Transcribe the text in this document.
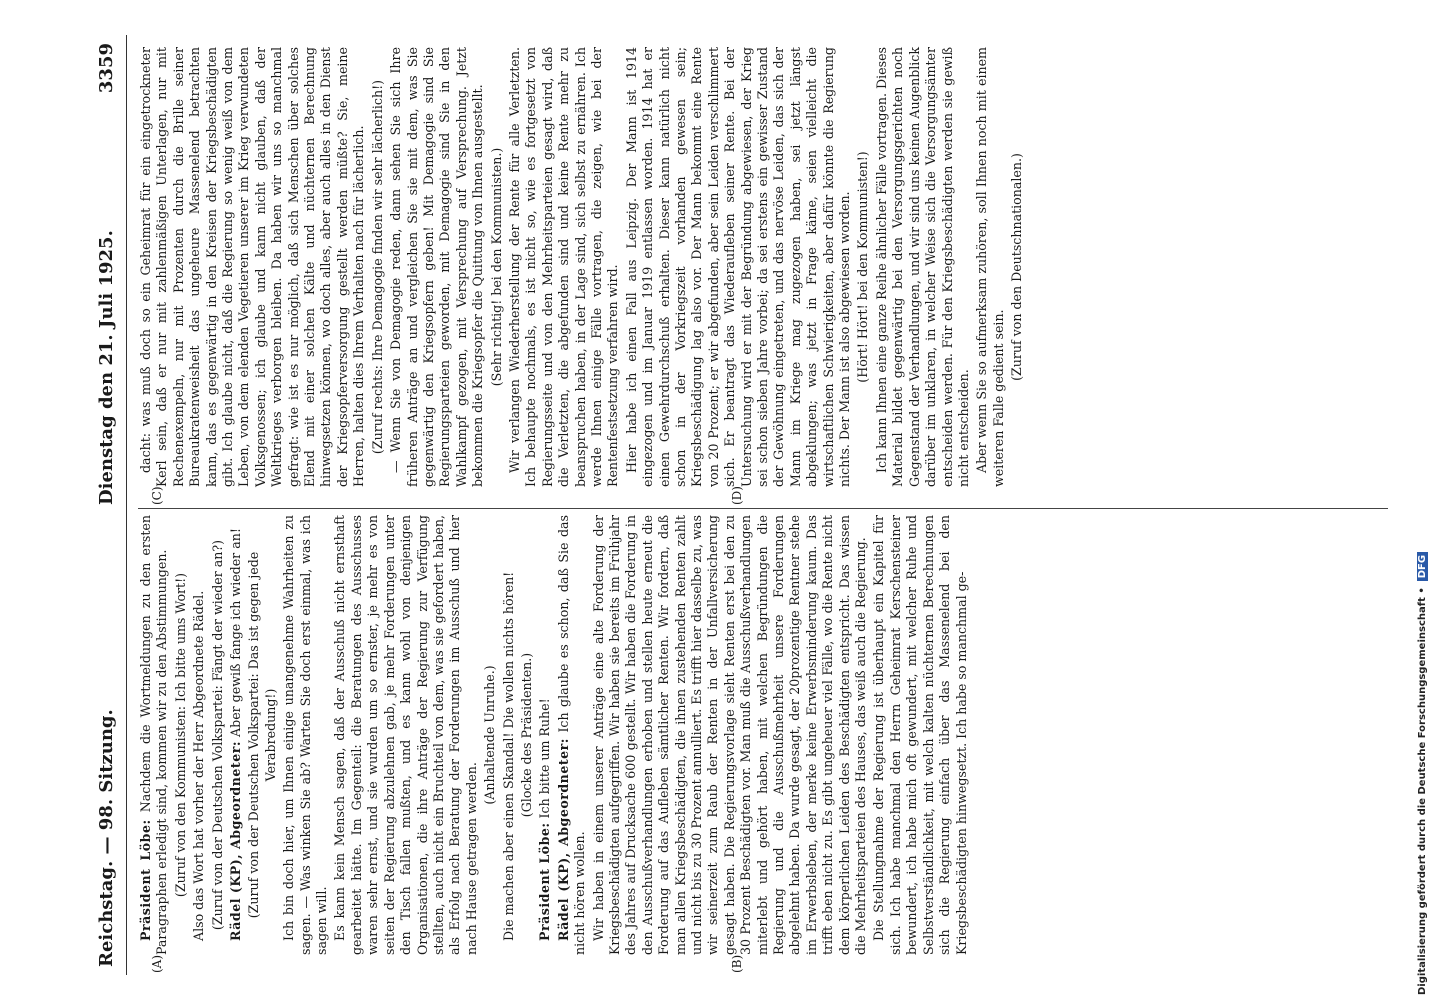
Reichstag. — 98. Sitzung.
Dienstag den 21. Juli 1925.
3359
(A)	(B)
(C)	(D)

Präsident Löbe: Nachdem die Wortmeldungen zu den ersten Paragraphen erledigt sind, kommen wir zu den Abstimmungen. (Zuruf von den Kommunisten: Ich bitte ums Wort!) Also das Wort hat vorher der Herr Abgeordnete Rädel. (Zuruf von der Deutschen Volkspartei: Fängt der wieder an?) Rädel (KP), Abgeordneter: Aber gewiß fange ich wieder an! (Zuruf von der Deutschen Volkspartei: Das ist gegen jede Verabredung!) Ich bin doch hier, um Ihnen einige unangenehme Wahrheiten zu sagen. — Was winken Sie ab? Warten Sie doch erst einmal, was ich sagen will. Es kann kein Mensch sagen, daß der Ausschuß nicht ernsthaft gearbeitet hätte. Im Gegenteil: die Beratungen des Ausschusses waren sehr ernst, und sie wurden um so ernster, je mehr es von seiten der Regierung abzulehnen gab, je mehr Forderungen unter den Tisch fallen mußten, und es kann wohl von denjenigen Organisationen, die ihre Anträge der Regierung zur Verfügung stellten, auch nicht ein Bruchteil von dem, was sie gefordert haben, als Erfolg nach Beratung der Forderungen im Ausschuß und hier nach Hause getragen werden.

(Anhaltende Unruhe.) Die machen aber einen Skandal! Die wollen nichts hören! (Glocke des Präsidenten.)

Präsident Löbe: Ich bitte um Ruhe! Rädel (KP), Abgeordneter: Ich glaube es schon, daß Sie das nicht hören wollen. Wir haben in einem unserer Anträge eine alte Forderung der Kriegsbeschädigten aufgegriffen. Wir haben sie bereits im Frühjahr des Jahres auf Drucksache 600 gestellt. Wir haben die Forderung in den Ausschußverhandlungen erhoben und stellen heute erneut die Forderung auf das Aufleben sämtlicher Renten. Wir fordern, daß man allen Kriegsbeschädigten, die ihnen zustehenden Renten zahlt und nicht bis zu 30 Prozent annulliert. Es trifft hier dasselbe zu, was wir seinerzeit zum Raub der Renten in der Unfallversicherung gesagt haben. Die Regierungsvorlage sieht Renten erst bei den zu 30 Prozent Beschädigten vor. Man muß die Ausschußverhandlungen miterlebt und gehört haben, mit welchen Begründungen die Regierung und die Ausschußmehrheit unsere Forderungen abgelehnt haben. Da wurde gesagt, der 20prozentige Rentner stehe im Erwerbsleben, der merke keine Erwerbsminderung kaum. Das trifft eben nicht zu. Es gibt ungeheuer viel Fälle, wo die Rente nicht dem körperlichen Leiden des Beschädigten entspricht. Das wissen die Mehrheitsparteien des Hauses, das weiß auch die Regierung. Die Stellungnahme der Regierung ist überhaupt ein Kapitel für sich. Ich habe manchmal den Herrn Geheimrat Kerschensteiner bewundert, ich habe mich oft gewundert, mit welcher Ruhe und Selbstverständlichkeit, mit welch kalten nüchternen Berechnungen sich die Regierung einfach über das Massenelend bei den Kriegsbeschädigten hinwegsetzt. Ich habe so manchmal ge-

dacht: was muß doch so ein Geheimrat für ein eingetrockneter Kerl sein, daß er nur mit zahlenmäßigen Unterlagen, nur mit Rechenexempeln, nur mit Prozenten durch die Brille seiner Bureaukratenweisheit das ungeheure Massenelend betrachten kann, das es gegenwärtig in den Kreisen der Kriegsbeschädigten gibt. Ich glaube nicht, daß die Regierung so wenig weiß von dem Leben, von dem elenden Vegetieren unserer im Krieg verwundeten Volksgenossen; ich glaube und kann nicht glauben, daß der Weltkrieges verborgen bleiben. Da haben wir uns so manchmal gefragt: wie ist es nur möglich, daß sich Menschen über solches Elend mit einer solchen Kälte und nüchternen Berechnung hinwegsetzen können, wo doch alles, aber auch alles in den Dienst der Kriegsopferversorgung gestellt werden müßte? Sie, meine Herren, halten dies Ihrem Verhalten nach für lächerlich. (Zuruf rechts: Ihre Demagogie finden wir sehr lächerlich!) — Wenn Sie von Demagogie reden, dann sehen Sie sich Ihre früheren Anträge an und vergleichen Sie sie mit dem, was Sie gegenwärtig den Kriegsopfern geben! Mit Demagogie sind Sie Regierungsparteien geworden, mit Demagogie sind Sie in den Wahlkampf gezogen, mit Versprechung auf Versprechung. Jetzt bekommen die Kriegsopfer die Quittung von Ihnen ausgestellt. (Sehr richtig! bei den Kommunisten.) Wir verlangen Wiederherstellung der Rente für alle Verletzten. Ich behaupte nochmals, es ist nicht so, wie es fortgesetzt von Regierungsseite und von den Mehrheitsparteien gesagt wird, daß die Verletzten, die abgefunden sind und keine Rente mehr zu beanspruchen haben, in der Lage sind, sich selbst zu ernähren. Ich werde Ihnen einige Fälle vortragen, die zeigen, wie bei der Rentenfestsetzung verfahren wird. Hier habe ich einen Fall aus Leipzig. Der Mann ist 1914 eingezogen und im Januar 1919 entlassen worden. 1914 hat er einen Gewehrdurchschuß erhalten. Dieser kann natürlich nicht schon in der Vorkriegszeit vorhanden gewesen sein; Kriegsbeschädigung lag also vor. Der Mann bekommt eine Rente von 20 Prozent; er wir abgefunden, aber sein Leiden verschlimmert sich. Er beantragt das Wiederaufleben seiner Rente. Bei der Untersuchung wird er mit der Begründung abgewiesen, der Krieg sei schon sieben Jahre vorbei; da sei erstens ein gewisser Zustand der Gewöhnung eingetreten, und das nervöse Leiden, das sich der Mann im Kriege mag zugezogen haben, sei jetzt längst abgeklungen; was jetzt in Frage käme, seien vielleicht die wirtschaftlichen Schwierigkeiten, aber dafür könnte die Regierung nichts. Der Mann ist also abgewiesen worden. (Hört! Hört! bei den Kommunisten!) Ich kann Ihnen eine ganze Reihe ähnlicher Fälle vortragen. Dieses Material bildet gegenwärtig bei den Versorgungsgerichten noch Gegenstand der Verhandlungen, und wir sind uns keinen Augenblick darüber im unklaren, in welcher Weise sich die Versorgungsämter entscheiden werden. Für den Kriegsbeschädigten werden sie gewiß nicht entscheiden. Aber wenn Sie so aufmerksam zuhören, soll Ihnen noch mit einem weiteren Falle gedient sein.

(Zuruf von den Deutschnationalen.)

Digitalisierung gefördert durch die Deutsche Forschungsgemeinschaft •DFG
